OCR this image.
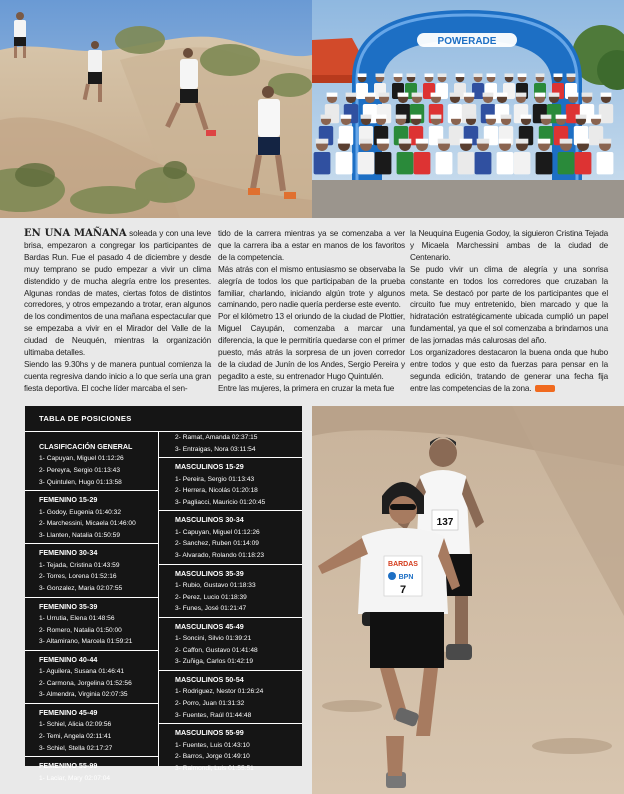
POWERADE

EN UNA MAÑANA soleada y con una leve brisa, empezaron a congregar los participantes de Bardas Run. Fue el pasado 4 de diciembre y desde muy temprano se pudo empezar a vivir un clima distendido y de mucha alegría entre los presentes. Algunas rondas de mates, ciertas fotos de distintos corredores, y otros empezando a trotar, eran algunos de los condimentos de una mañana espectacular que se empezaba a vivir en el Mirador del Valle de la ciudad de Neuquén, mientras la organización ultimaba detalles.

Siendo las 9.30hs y de manera puntual comienza la cuenta regresiva dando inicio a lo que sería una gran fiesta deportiva. El coche líder marcaba el sen-

tido de la carrera mientras ya se comenzaba a ver que la carrera iba a estar en manos de los favoritos de la competencia.

Más atrás con el mismo entusiasmo se observaba la alegría de todos los que participaban de la prueba familiar, charlando, iniciando algún trote y algunos caminando, pero nadie quería perderse este evento.

Por el kilómetro 13 el oriundo de la ciudad de Plottier, Miguel Cayupán, comenzaba a marcar una diferencia, la que le permitiría quedarse con el primer puesto, más atrás la sorpresa de un joven corredor de la ciudad de Junín de los Andes, Sergio Pereira y pegadito a este, su entrenador Hugo Quintulén.

Entre las mujeres, la primera en cruzar la meta fue

la Neuquina Eugenia Godoy, la siguieron Cristina Tejada y Micaela Marchessini ambas de la ciudad de Centenario.

Se pudo vivir un clima de alegría y una sonrisa constante en todos los corredores que cruzaban la meta. Se destacó por parte de los participantes que el circuito fue muy entretenido, bien marcado y que la hidratación estratégicamente ubicada cumplió un papel fundamental, ya que el sol comenzaba a brindarnos una de las jornadas más calurosas del año.

Los organizadores destacaron la buena onda que hubo entre todos y que esto da fuerzas para pensar en la segunda edición, tratando de generar una fecha fija entre las competencias de la zona.

TABLA DE POSICIONES
CLASIFICACIÓN GENERAL
1- Capuyan, Miguel 01:12:26
2- Pereyra, Sergio 01:13:43
3- Quintulen, Hugo 01:13:58
FEMENINO 15-29
1- Godoy, Eugenia 01:40:32
2- Marchessini, Micaela 01:46:00
3- Llanten, Natalia 01:50:59
FEMENINO 30-34
1- Tejada, Cristina 01:43:59
2- Torres, Lorena 01:52:16
3- Gonzalez, Maria 02:07:55
FEMENINO 35-39
1- Urrutia, Elena 01:48:56
2- Romero, Natalia 01:50:00
3- Altamirano, Marcela 01:59:21
FEMENINO 40-44
1- Aguilera, Susana 01:46:41
2- Carmona, Jorgelina 01:52:56
3- Almendra, Virginia 02:07:35
FEMENINO 45-49
1- Schiel, Alicia 02:09:56
2- Temi, Angela 02:11:41
3- Schiel, Stella 02:17:27
FEMENINO 55-99
1- Laciar, Mary 02:07:04
2- Ramat, Amanda 02:37:15
3- Entraigas, Nora 03:11:54
MASCULINOS 15-29
1- Pereira, Sergio 01:13:43
2- Herrera, Nicolás 01:20:18
3- Pagliacci, Mauricio 01:20:45
MASCULINOS 30-34
1- Capuyan, Miguel 01:12:26
2- Sanchez, Ruben 01:14:09
3- Alvarado, Rolando 01:18:23
MASCULINOS 35-39
1- Rubio, Gustavo 01:18:33
2- Perez, Lucio 01:18:39
3- Funes, José 01:21:47
MASCULINOS 45-49
1- Soncini, Silvio 01:39:21
2- Caffon, Gustavo 01:41:48
3- Zuñiga, Carlos 01:42:19
MASCULINOS 50-54
1- Rodriguez, Nestor 01:26:24
2- Porro, Juan 01:31:32
3- Fuentes, Raúl 01:44:48
MASCULINOS 55-99
1- Fuentes, Luis 01:43:10
2- Barros, Jorge 01:49:10
3- Raimondi, Luis 01:55:51
137
BARDAS
BPN
7
